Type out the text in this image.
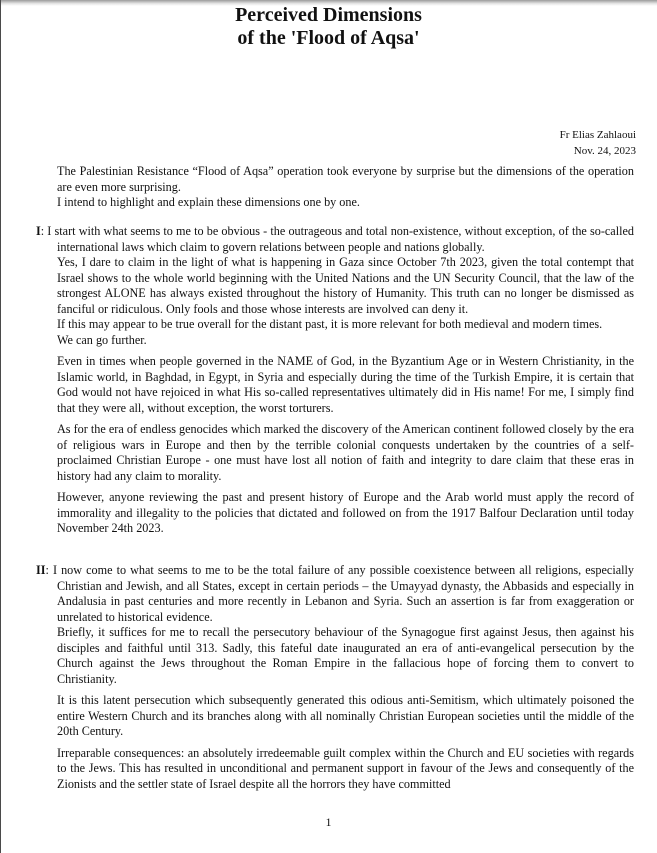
Perceived Dimensions
of the 'Flood of Aqsa'
Fr Elias Zahlaoui
Nov. 24, 2023
The Palestinian Resistance “Flood of Aqsa” operation took everyone by surprise but the dimensions of the operation are even more surprising.
I intend to highlight and explain these dimensions one by one.

I: I start with what seems to me to be obvious - the outrageous and total non-existence, without exception, of the so-called international laws which claim to govern relations between people and nations globally.

Yes, I dare to claim in the light of what is happening in Gaza since October 7th 2023, given the total contempt that Israel shows to the whole world beginning with the United Nations and the UN Security Council, that the law of the strongest ALONE has always existed throughout the history of Humanity. This truth can no longer be dismissed as fanciful or ridiculous. Only fools and those whose interests are involved can deny it.
If this may appear to be true overall for the distant past, it is more relevant for both medieval and modern times.
We can go further.

Even in times when people governed in the NAME of God, in the Byzantium Age or in Western Christianity, in the Islamic world, in Baghdad, in Egypt, in Syria and especially during the time of the Turkish Empire, it is certain that God would not have rejoiced in what His so-called representatives ultimately did in His name! For me, I simply find that they were all, without exception, the worst torturers.

As for the era of endless genocides which marked the discovery of the American continent followed closely by the era of religious wars in Europe and then by the terrible colonial conquests undertaken by the countries of a self-proclaimed Christian Europe - one must have lost all notion of faith and integrity to dare claim that these eras in history had any claim to morality.

However, anyone reviewing the past and present history of Europe and the Arab world must apply the record of immorality and illegality to the policies that dictated and followed on from the 1917 Balfour Declaration until today November 24th 2023.

II: I now come to what seems to me to be the total failure of any possible coexistence between all religions, especially Christian and Jewish, and all States, except in certain periods – the Umayyad dynasty, the Abbasids and especially in Andalusia in past centuries and more recently in Lebanon and Syria. Such an assertion is far from exaggeration or unrelated to historical evidence.

Briefly, it suffices for me to recall the persecutory behaviour of the Synagogue first against Jesus, then against his disciples and faithful until 313. Sadly, this fateful date inaugurated an era of anti-evangelical persecution by the Church against the Jews throughout the Roman Empire in the fallacious hope of forcing them to convert to Christianity.

It is this latent persecution which subsequently generated this odious anti-Semitism, which ultimately poisoned the entire Western Church and its branches along with all nominally Christian European societies until the middle of the 20th Century.

Irreparable consequences: an absolutely irredeemable guilt complex within the Church and EU societies with regards to the Jews. This has resulted in unconditional and permanent support in favour of the Jews and consequently of the Zionists and the settler state of Israel despite all the horrors they have committed

1
